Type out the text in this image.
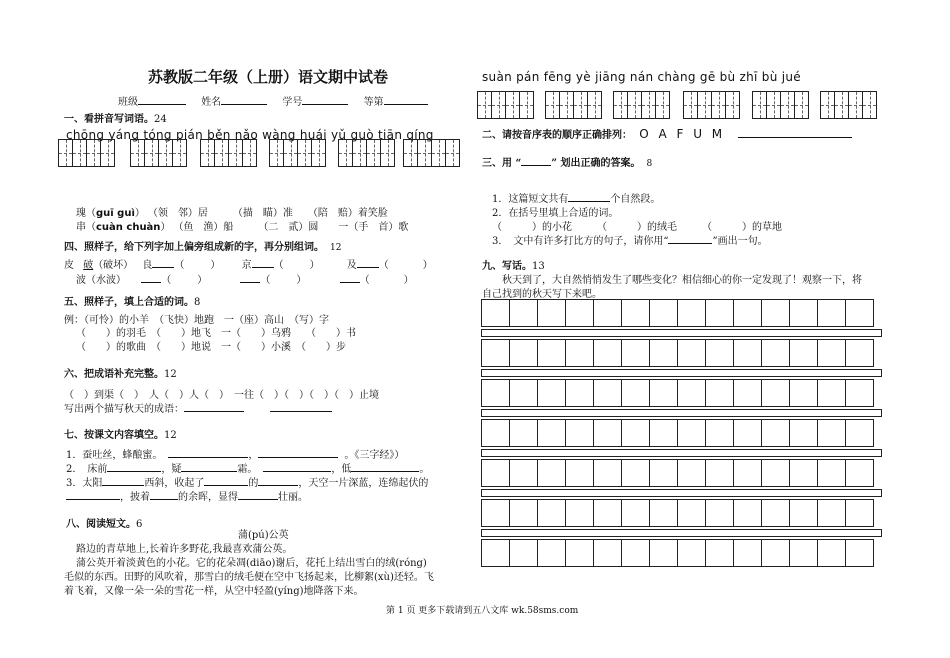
苏教版二年级（上册）语文期中试卷
班级	姓名	学号	等第
一、看拼音写词语。24
chōng yáng tóng pián běn nǎo wàng huái yǔ guò tiān qíng
瑰（guī guì） （领　邻）居　　　（描　瞄）准　　（陪　赔）着笑脸
串（cuàn chuàn） （鱼　渔）船　　　（二　贰）圆　　一（手　首）歌
四、照样子，给下列字加上偏旁组成新的字，再分别组词。 12
皮 破（破坏） 良 （	） 京 （	） 及 （	）
波（水波）	（	）	（	）	（	）
五、照样子，填上合适的词。8
例：（可怜）的小羊　（飞快）地跑　一（座）高山　（写）字
（　　）的羽毛　（　　）地飞　一（　　）乌鸦　　（　　）书
（　　）的歌曲　（　　）地说　一（　　）小溪　（　　）步
六、把成语补充完整。12
（　）到渠（　）　人（　）人（　）　一往（　）（　）（　）（　）止境
写出两个描写秋天的成语：
七、按课文内容填空。12
1．蚕吐丝，蜂酿蜜。	，	。《三字经》）
2．　床前	，疑	霜。	，低	。
3．太阳	西斜，收起了	的	，天空一片深蓝，连绵起伏的
，披着	的余晖，显得	壮丽。
八、阅读短文。6
蒲(pú)公英
路边的青草地上,长着许多野花,我最喜欢蒲公英。
蒲公英开着淡黄色的小花。它的花朵凋(diāo)谢后，花托上结出雪白的绒(róng)
毛似的东西。田野的风吹着，那雪白的绒毛便在空中飞扬起来，比柳絮(xù)还轻。飞
着飞着，又像一朵一朵的雪花一样，从空中轻盈(yíng)地降落下来。
suàn pán fēng yè jiāng nán chàng gē bù zhī bù jué
二、请按音序表的顺序正确排列： O A F U M
三、用 “	” 划出正确的答案。 8
1．这篇短文共有	个自然段。
2．在括号里填上合适的词。
（　　　）的小花　　　（　　　）的绒毛　　　（　　　）的草地
3．　文中有许多打比方的句子，请你用“	”画出一句。
九、写话。13
秋天到了，大自然悄悄发生了哪些变化？相信细心的你一定发现了！观察一下，将
自己找到的秋天写下来吧。
第 1 页 更多下载请到五八文库 wk.58sms.com
